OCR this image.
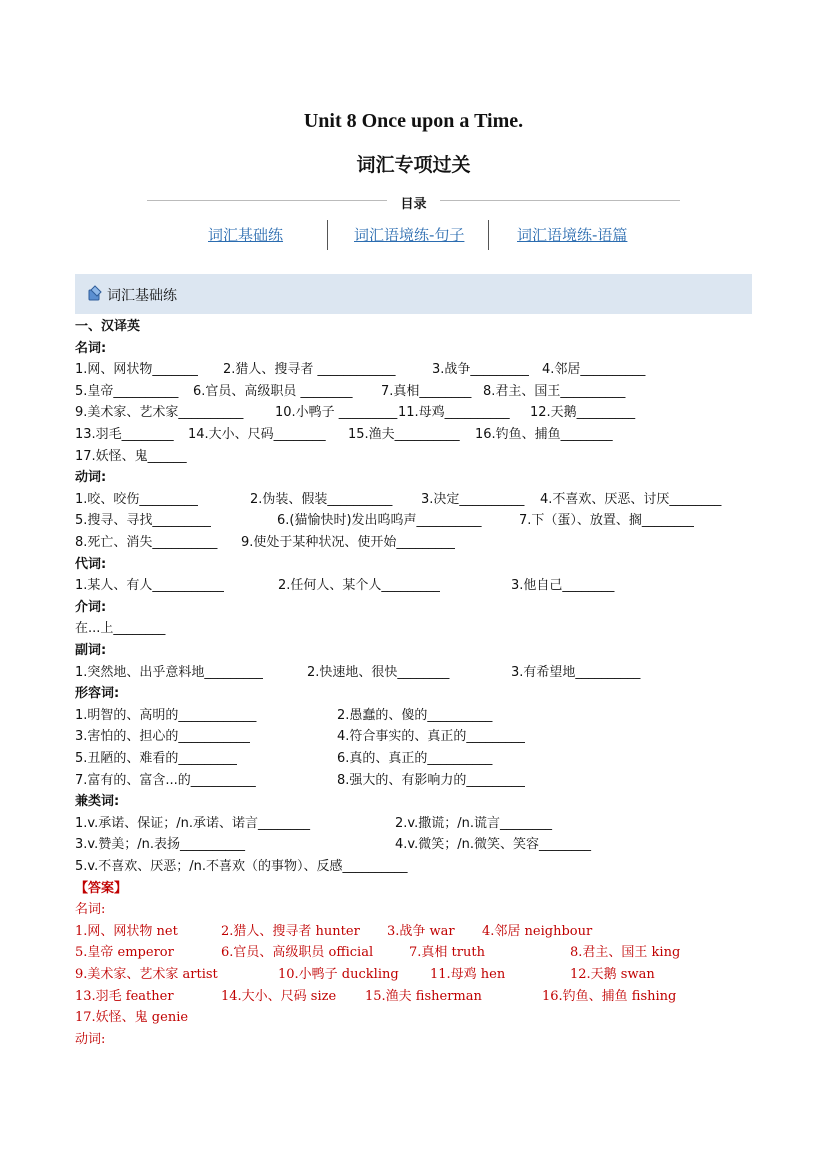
Unit 8 Once upon a Time.
词汇专项过关
目录
词汇基础练	词汇语境练-句子	词汇语境练-语篇
词汇基础练
一、汉译英
名词:
1.网、网状物_______ 2.猎人、搜寻者 ____________	3.战争_________ 4.邻居__________
5.皇帝__________ 6.官员、高级职员 ________ 7.真相________ 8.君主、国王__________
9.美术家、艺术家__________ 10.小鸭子 _________ 11.母鸡__________ 12.天鹅_________
13.羽毛________ 14.大小、尺码________ 15.渔夫__________ 16.钓鱼、捕鱼________
17.妖怪、鬼______
动词:
1.咬、咬伤_________	2.伪装、假装__________ 3.决定__________ 4.不喜欢、厌恶、讨厌________
5.搜寻、寻找_________	6.(猫愉快时)发出呜呜声__________	7.下（蛋）、放置、搁________
8.死亡、消失__________ 9.使处于某种状况、使开始_________
代词:
1.某人、有人___________	2.任何人、某个人_________	3.他自己________
介词:
在...上________
副词:
1.突然地、出乎意料地_________	2.快速地、很快________	3.有希望地__________
形容词:
1.明智的、高明的____________	2.愚蠢的、傻的__________
3.害怕的、担心的___________	4.符合事实的、真正的_________
5.丑陋的、难看的_________	6.真的、真正的__________
7.富有的、富含...的__________	8.强大的、有影响力的_________
兼类词:
1.v.承诺、保证；/n.承诺、诺言________	2.v.撒谎；/n.谎言________
3.v.赞美；/n.表扬__________	4.v.微笑；/n.微笑、笑容________
5.v.不喜欢、厌恶；/n.不喜欢（的事物）、反感__________
【答案】
名词:
1.网、网状物 net	2.猎人、搜寻者 hunter 3.战争 war 4.邻居 neighbour
5.皇帝 emperor	6.官员、高级职员 official	7.真相 truth	8.君主、国王 king
9.美术家、艺术家 artist	10.小鸭子 duckling 11.母鸡 hen	12.天鹅 swan
13.羽毛 feather	14.大小、尺码 size 15.渔夫 fisherman	16.钓鱼、捕鱼 fishing
17.妖怪、鬼 genie
动词:
